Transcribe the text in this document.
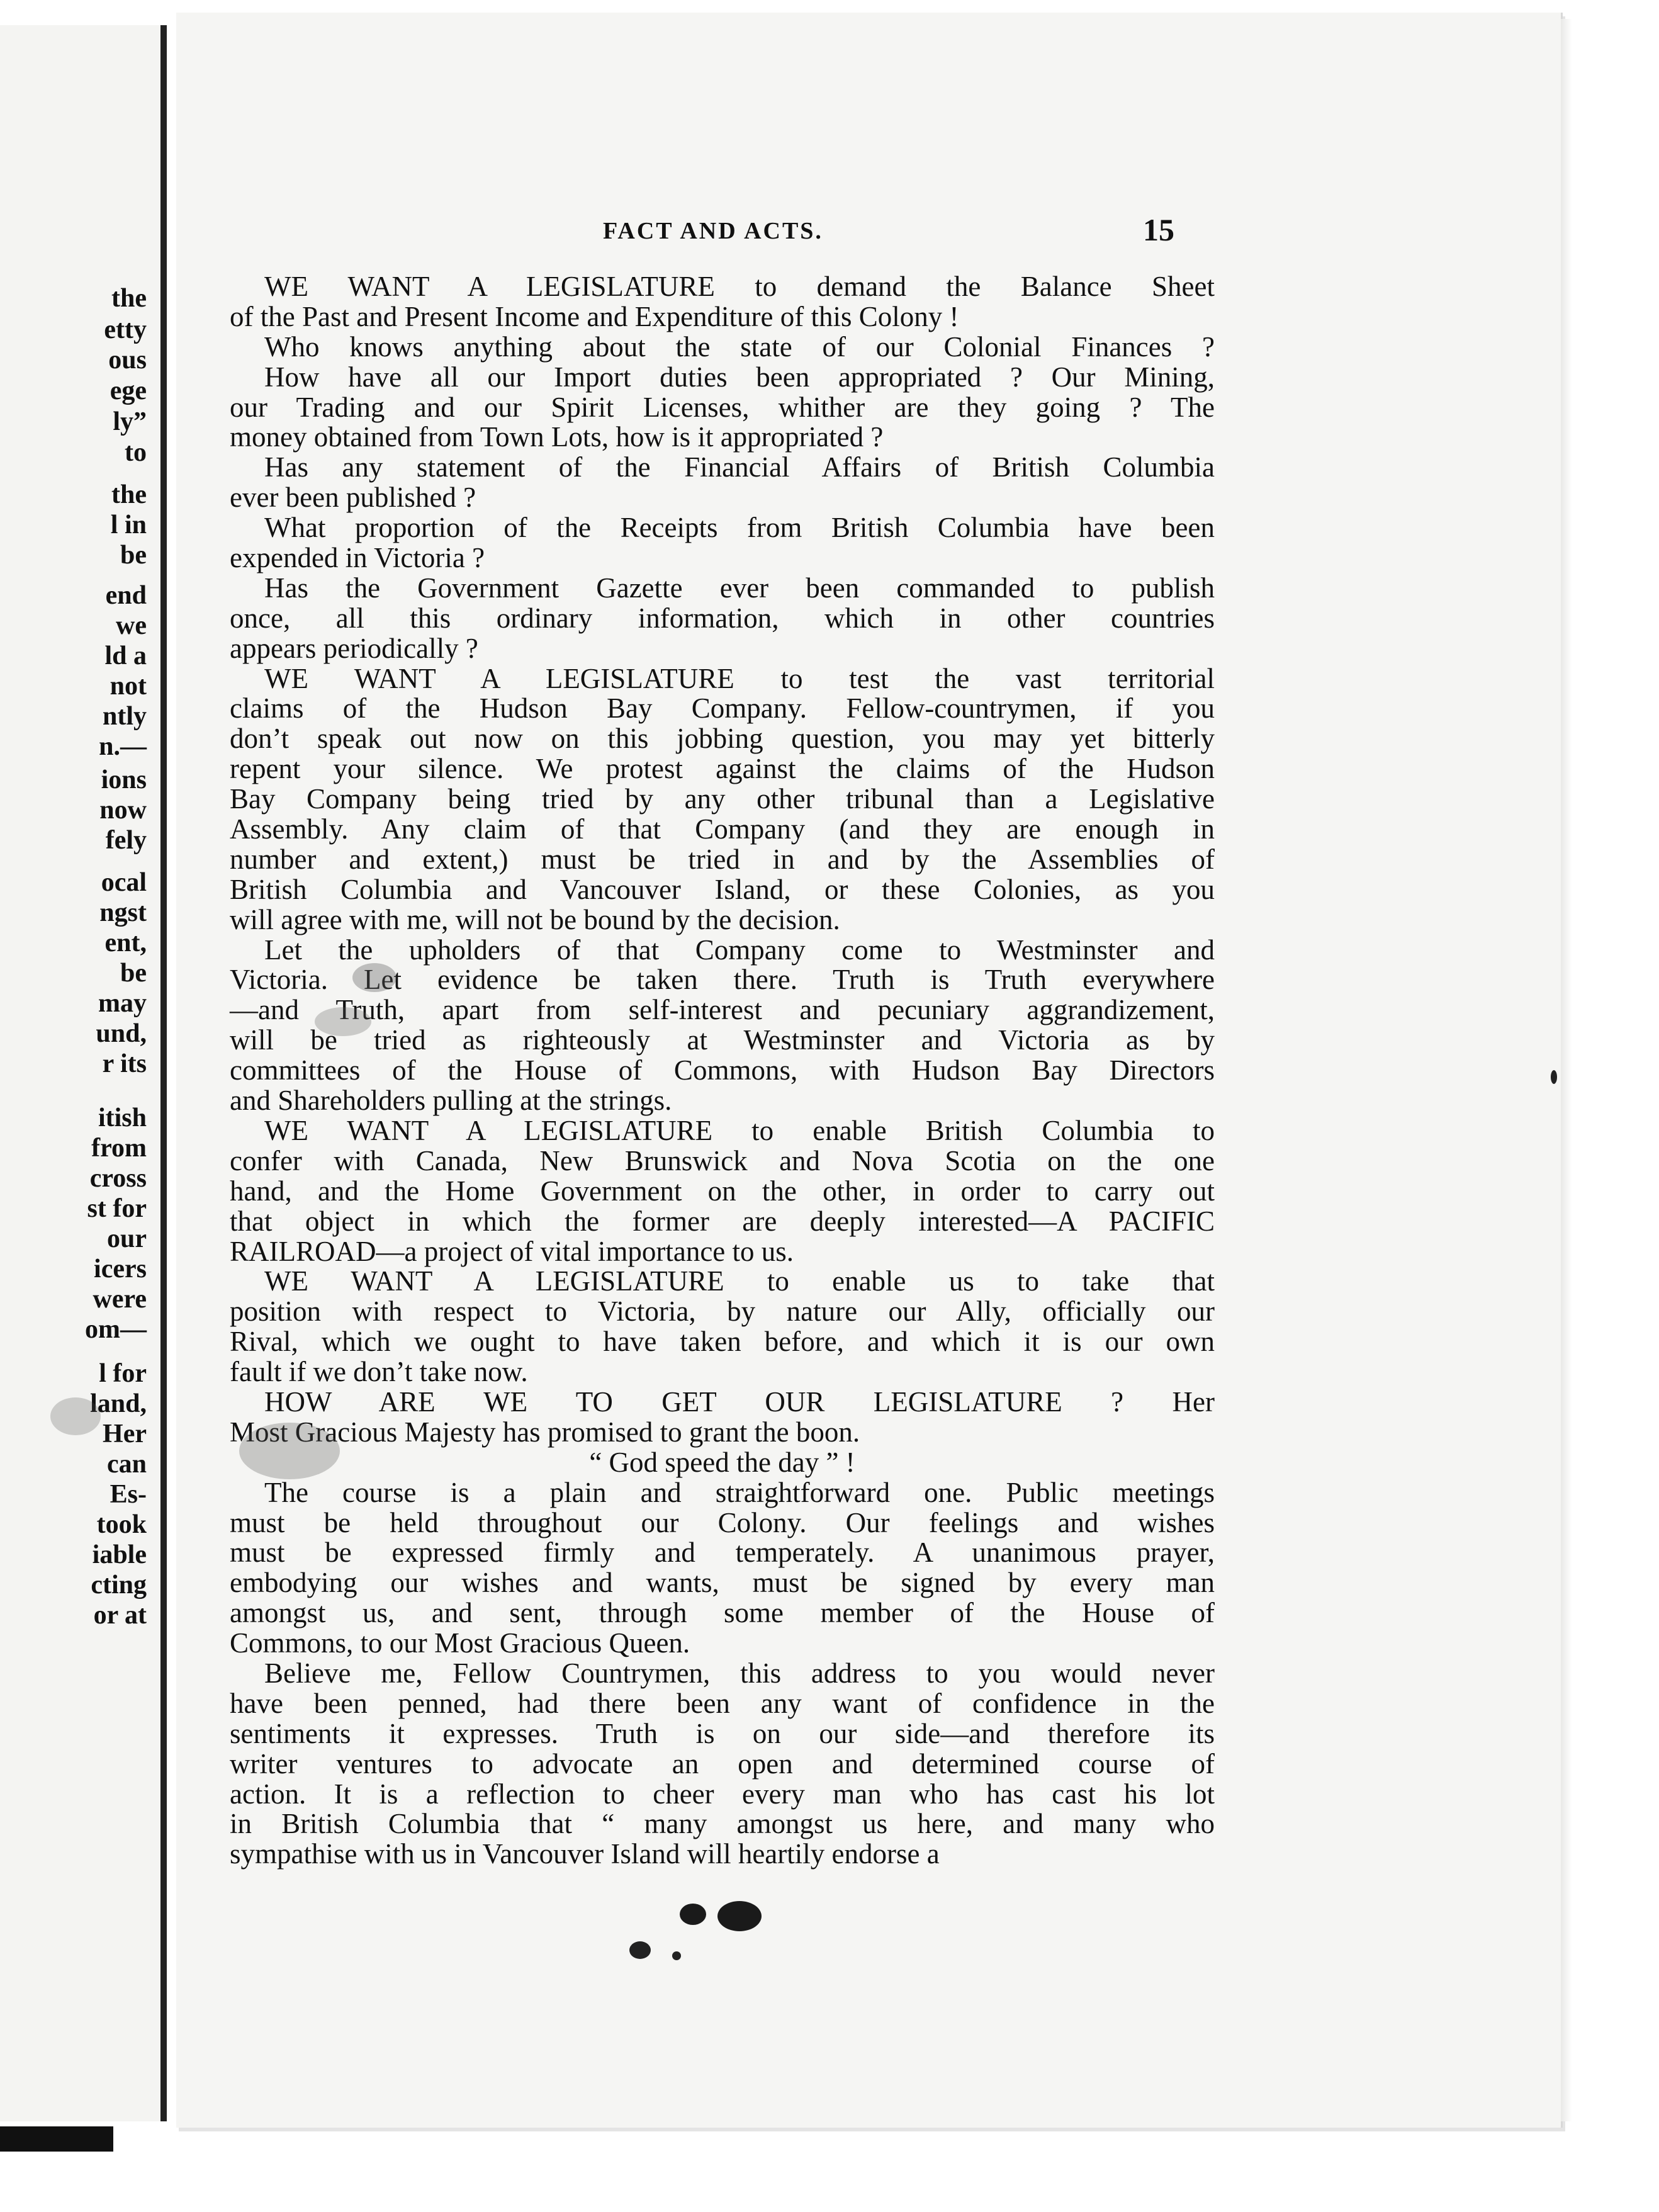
the
etty
ous
ege
ly”
to
the
l in
be
end
we
ld a
not
ntly
n.—
ions
now
fely
ocal
ngst
ent,
be
may
und,
r its
itish
from
cross
st for
our
icers
were
om—
l for
land,
Her
can
Es-
took
iable
cting
or at
FACT AND ACTS.	15
WE WANT A LEGISLATURE to demand the Balance Sheet
of the Past and Present Income and Expenditure of this Colony !
Who knows anything about the state of our Colonial Finances ?
How have all our Import duties been appropriated ? Our Mining,
our Trading and our Spirit Licenses, whither are they going ? The
money obtained from Town Lots, how is it appropriated ?
Has any statement of the Financial Affairs of British Columbia
ever been published ?
What proportion of the Receipts from British Columbia have been
expended in Victoria ?
Has the Government Gazette ever been commanded to publish
once, all this ordinary information, which in other countries
appears periodically ?
WE WANT A LEGISLATURE to test the vast territorial
claims of the Hudson Bay Company. Fellow-countrymen, if you
don’t speak out now on this jobbing question, you may yet bitterly
repent your silence. We protest against the claims of the Hudson
Bay Company being tried by any other tribunal than a Legislative
Assembly. Any claim of that Company (and they are enough in
number and extent,) must be tried in and by the Assemblies of
British Columbia and Vancouver Island, or these Colonies, as you
will agree with me, will not be bound by the decision.
Let the upholders of that Company come to Westminster and
Victoria. Let evidence be taken there. Truth is Truth everywhere
—and Truth, apart from self-interest and pecuniary aggrandizement,
will be tried as righteously at Westminster and Victoria as by
committees of the House of Commons, with Hudson Bay Directors
and Shareholders pulling at the strings.
WE WANT A LEGISLATURE to enable British Columbia to
confer with Canada, New Brunswick and Nova Scotia on the one
hand, and the Home Government on the other, in order to carry out
that object in which the former are deeply interested—A PACIFIC
RAILROAD—a project of vital importance to us.
WE WANT A LEGISLATURE to enable us to take that
position with respect to Victoria, by nature our Ally, officially our
Rival, which we ought to have taken before, and which it is our own
fault if we don’t take now.
HOW ARE WE TO GET OUR LEGISLATURE ? Her
Most Gracious Majesty has promised to grant the boon.
“ God speed the day ” !
The course is a plain and straightforward one. Public meetings
must be held throughout our Colony. Our feelings and wishes
must be expressed firmly and temperately. A unanimous prayer,
embodying our wishes and wants, must be signed by every man
amongst us, and sent, through some member of the House of
Commons, to our Most Gracious Queen.
Believe me, Fellow Countrymen, this address to you would never
have been penned, had there been any want of confidence in the
sentiments it expresses. Truth is on our side—and therefore its
writer ventures to advocate an open and determined course of
action. It is a reflection to cheer every man who has cast his lot
in British Columbia that “ many amongst us here, and many who
sympathise with us in Vancouver Island will heartily endorse a
